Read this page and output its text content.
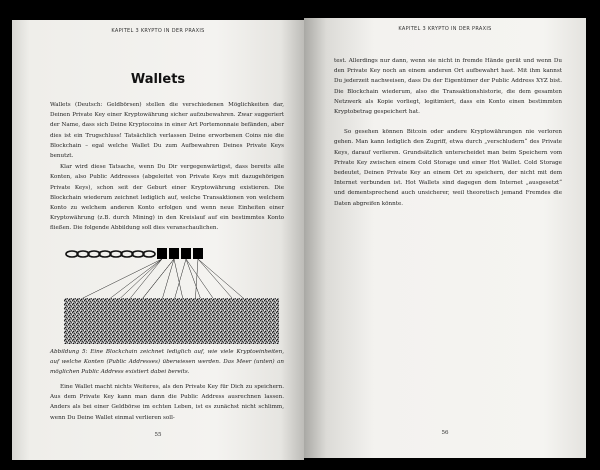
KAPITEL 3 KRYPTO IN DER PRAXIS
Wallets

Wallets (Deutsch: Geldbörsen) stellen die verschiedenen Möglichkeiten dar, Deinen Private Key einer Kryptowährung sicher aufzubewahren. Zwar suggeriert der Name, dass sich Deine Kryptocoins in einer Art Portemonnaie befänden, aber dies ist ein Trugschluss! Tatsächlich verlassen Deine erworbenen Coins nie die Blockchain – egal welche Wallet Du zum Aufbewahren Deines Private Keys benutzt.

Klar wird diese Tatsache, wenn Du Dir vergegenwärtigst, dass bereits alle Konten, also Public Addresses (abgeleitet von Private Keys mit dazugehörigen Private Keys), schon seit der Geburt einer Kryptowährung existieren. Die Blockchain wiederum zeichnet lediglich auf, welche Transaktionen von welchem Konto zu welchem anderen Konto erfolgen und wenn neue Einheiten einer Kryptowährung (z.B. durch Mining) in den Kreislauf auf ein bestimmtes Konto fließen. Die folgende Abbildung soll dies veranschaulichen.

Abbildung 5: Eine Blockchain zeichnet lediglich auf, wie viele Kryptoeinheiten, auf welche Konten (Public Addresses) überwiesen werden. Das Meer (unten) an möglichen Public Address existiert dabei bereits.

Eine Wallet macht nichts Weiteres, als den Private Key für Dich zu speichern. Aus dem Private Key kann man dann die Public Address ausrechnen lassen. Anders als bei einer Geldbörse im echten Leben, ist es zunächst nicht schlimm, wenn Du Deine Wallet einmal verlieren soll-

55
KAPITEL 3 KRYPTO IN DER PRAXIS

test. Allerdings nur dann, wenn sie nicht in fremde Hände gerät und wenn Du den Private Key noch an einem anderen Ort aufbewahrt hast. Mit ihm kannst Du jederzeit nachweisen, dass Du der Eigentümer der Public Address XYZ bist. Die Blockchain wiederum, also die Transaktionshistorie, die dem gesamten Netzwerk als Kopie vorliegt, legitimiert, dass ein Konto einen bestimmten Kryptobetrag gespeichert hat.

So gesehen können Bitcoin oder andere Kryptowährungen nie verloren gehen. Man kann lediglich den Zugriff, etwa durch „verschludern“ des Private Keys, darauf verlieren. Grundsätzlich unterscheidet man beim Speichern vom Private Key zwischen einem Cold Storage und einer Hot Wallet. Cold Storage bedeutet, Deinen Private Key an einem Ort zu speichern, der nicht mit dem Internet verbunden ist. Hot Wallets sind dagegen dem Internet „ausgesetzt“ und dementsprechend auch unsicherer, weil theoretisch jemand Fremdes die Daten abgreifen könnte.

56
